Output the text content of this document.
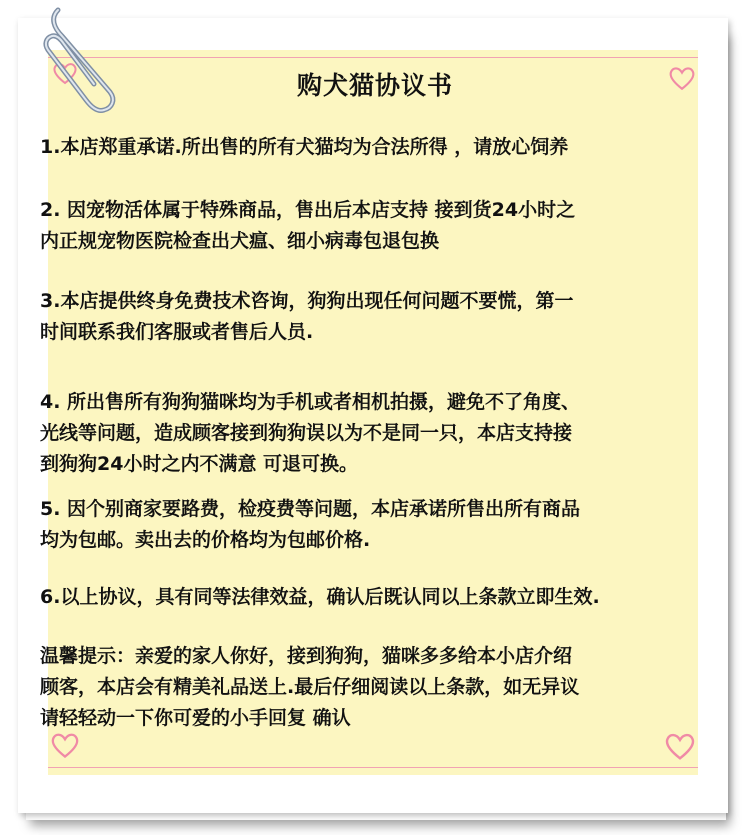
购犬猫协议书
1.本店郑重承诺.所出售的所有犬猫均为合法所得 ，请放心饲养
2. 因宠物活体属于特殊商品，售出后本店支持 接到货24小时之
内正规宠物医院检查出犬瘟、细小病毒包退包换
3.本店提供终身免费技术咨询，狗狗出现任何问题不要慌，第一
时间联系我们客服或者售后人员.
4. 所出售所有狗狗猫咪均为手机或者相机拍摄，避免不了角度、
光线等问题，造成顾客接到狗狗误以为不是同一只，本店支持接
到狗狗24小时之内不满意 可退可换。
5. 因个别商家要路费，检疫费等问题，本店承诺所售出所有商品
均为包邮。卖出去的价格均为包邮价格.
6.以上协议，具有同等法律效益，确认后既认同以上条款立即生效.
温馨提示：亲爱的家人你好，接到狗狗，猫咪多多给本小店介绍
顾客，本店会有精美礼品送上.最后仔细阅读以上条款，如无异议
请轻轻动一下你可爱的小手回复 确认
